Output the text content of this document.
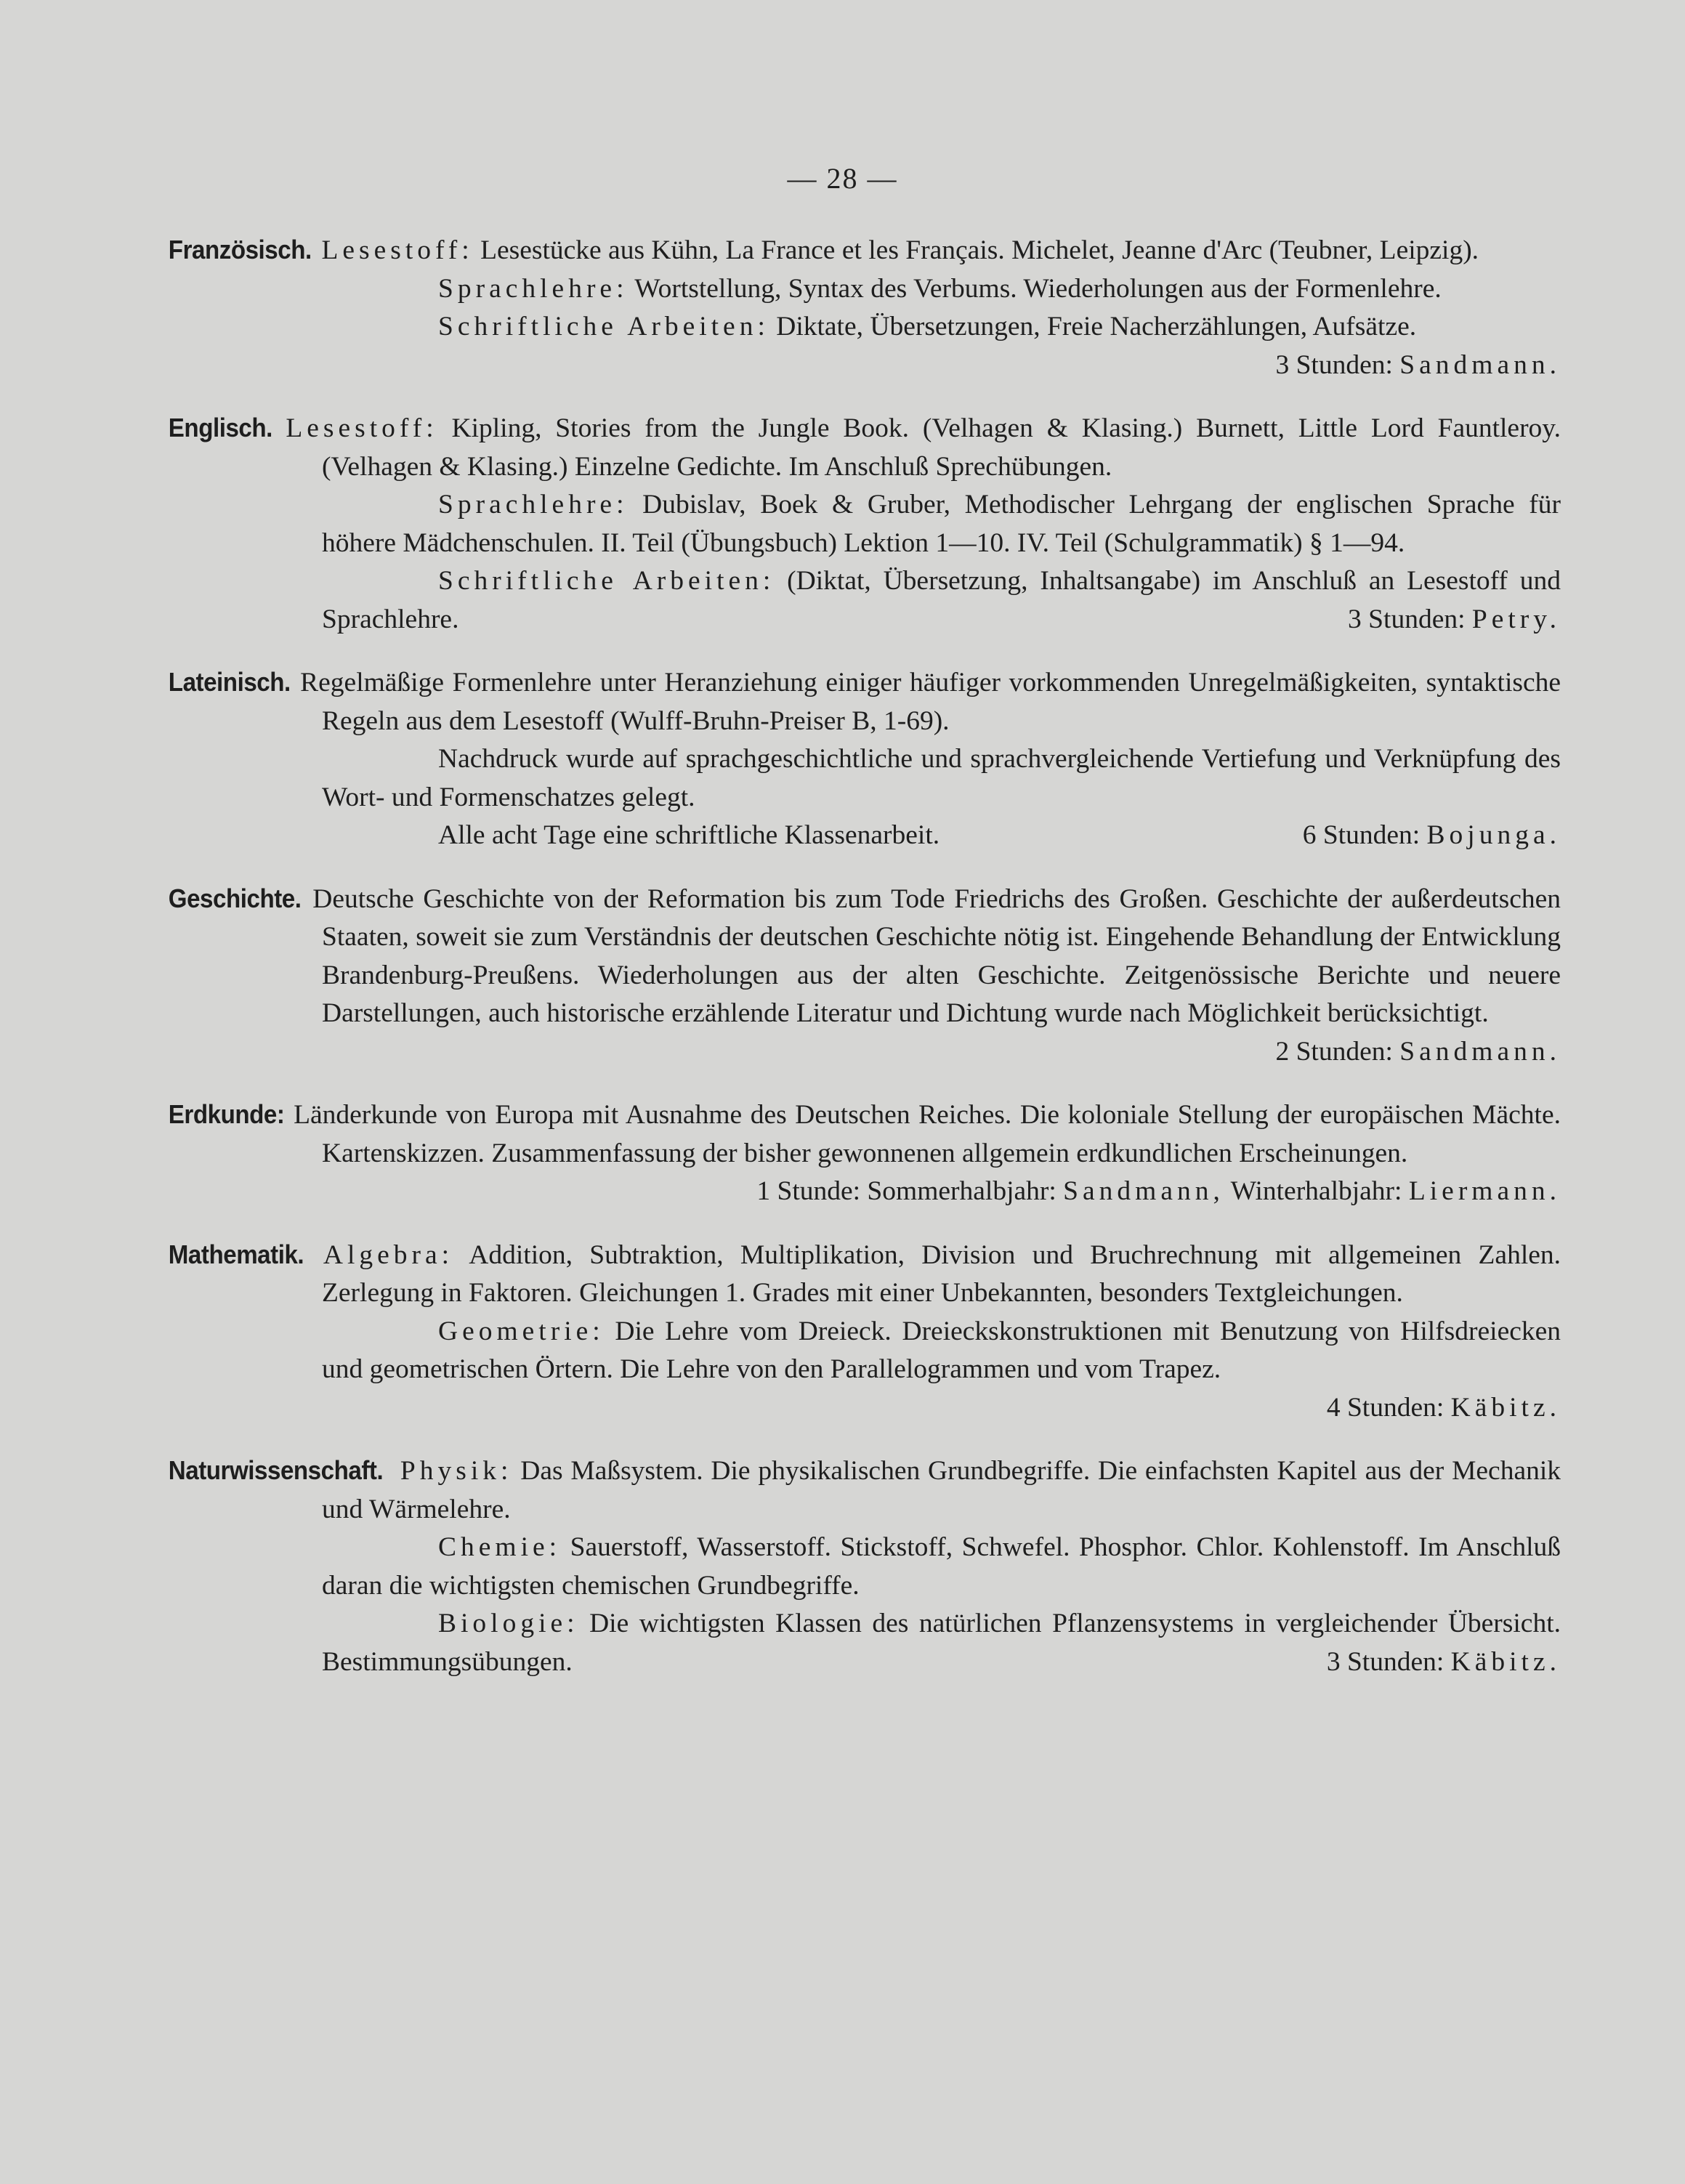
— 28 —

Französisch. Lesestoff: Lesestücke aus Kühn, La France et les Français. Michelet, Jeanne d'Arc (Teubner, Leipzig).

Sprachlehre: Wortstellung, Syntax des Verbums. Wiederholungen aus der Formenlehre.

Schriftliche Arbeiten: Diktate, Übersetzungen, Freie Nacherzählungen, Aufsätze.
3 Stunden: Sandmann.

Englisch. Lesestoff: Kipling, Stories from the Jungle Book. (Velhagen & Klasing.) Burnett, Little Lord Fauntleroy. (Velhagen & Klasing.) Einzelne Gedichte. Im Anschluß Sprechübungen.

Sprachlehre: Dubislav, Boek & Gruber, Methodischer Lehrgang der englischen Sprache für höhere Mädchenschulen. II. Teil (Übungsbuch) Lektion 1—10. IV. Teil (Schulgrammatik) § 1—94.

Schriftliche Arbeiten: (Diktat, Übersetzung, Inhaltsangabe) im Anschluß an Lesestoff und Sprachlehre.	3 Stunden: Petry.

Lateinisch. Regelmäßige Formenlehre unter Heranziehung einiger häufiger vorkommenden Unregelmäßigkeiten, syntaktische Regeln aus dem Lesestoff (Wulff-Bruhn-Preiser B, 1-69).

Nachdruck wurde auf sprachgeschichtliche und sprachvergleichende Vertiefung und Verknüpfung des Wort- und Formenschatzes gelegt.

Alle acht Tage eine schriftliche Klassenarbeit.	6 Stunden: Bojunga.

Geschichte. Deutsche Geschichte von der Reformation bis zum Tode Friedrichs des Großen. Geschichte der außerdeutschen Staaten, soweit sie zum Verständnis der deutschen Geschichte nötig ist. Eingehende Behandlung der Entwicklung Brandenburg-Preußens. Wiederholungen aus der alten Geschichte. Zeitgenössische Berichte und neuere Darstellungen, auch historische erzählende Literatur und Dichtung wurde nach Möglichkeit berücksichtigt.
2 Stunden: Sandmann.

Erdkunde: Länderkunde von Europa mit Ausnahme des Deutschen Reiches. Die koloniale Stellung der europäischen Mächte. Kartenskizzen. Zusammenfassung der bisher gewonnenen allgemein erdkundlichen Erscheinungen.
1 Stunde: Sommerhalbjahr: Sandmann, Winterhalbjahr: Liermann.

Mathematik. Algebra: Addition, Subtraktion, Multiplikation, Division und Bruchrechnung mit allgemeinen Zahlen. Zerlegung in Faktoren. Gleichungen 1. Grades mit einer Unbekannten, besonders Textgleichungen.

Geometrie: Die Lehre vom Dreieck. Dreieckskonstruktionen mit Benutzung von Hilfsdreiecken und geometrischen Örtern. Die Lehre von den Parallelogrammen und vom Trapez.
4 Stunden: Käbitz.

Naturwissenschaft. Physik: Das Maßsystem. Die physikalischen Grundbegriffe. Die einfachsten Kapitel aus der Mechanik und Wärmelehre.

Chemie: Sauerstoff, Wasserstoff. Stickstoff, Schwefel. Phosphor. Chlor. Kohlenstoff. Im Anschluß daran die wichtigsten chemischen Grundbegriffe.

Biologie: Die wichtigsten Klassen des natürlichen Pflanzensystems in vergleichender Übersicht. Bestimmungsübungen.	3 Stunden: Käbitz.
